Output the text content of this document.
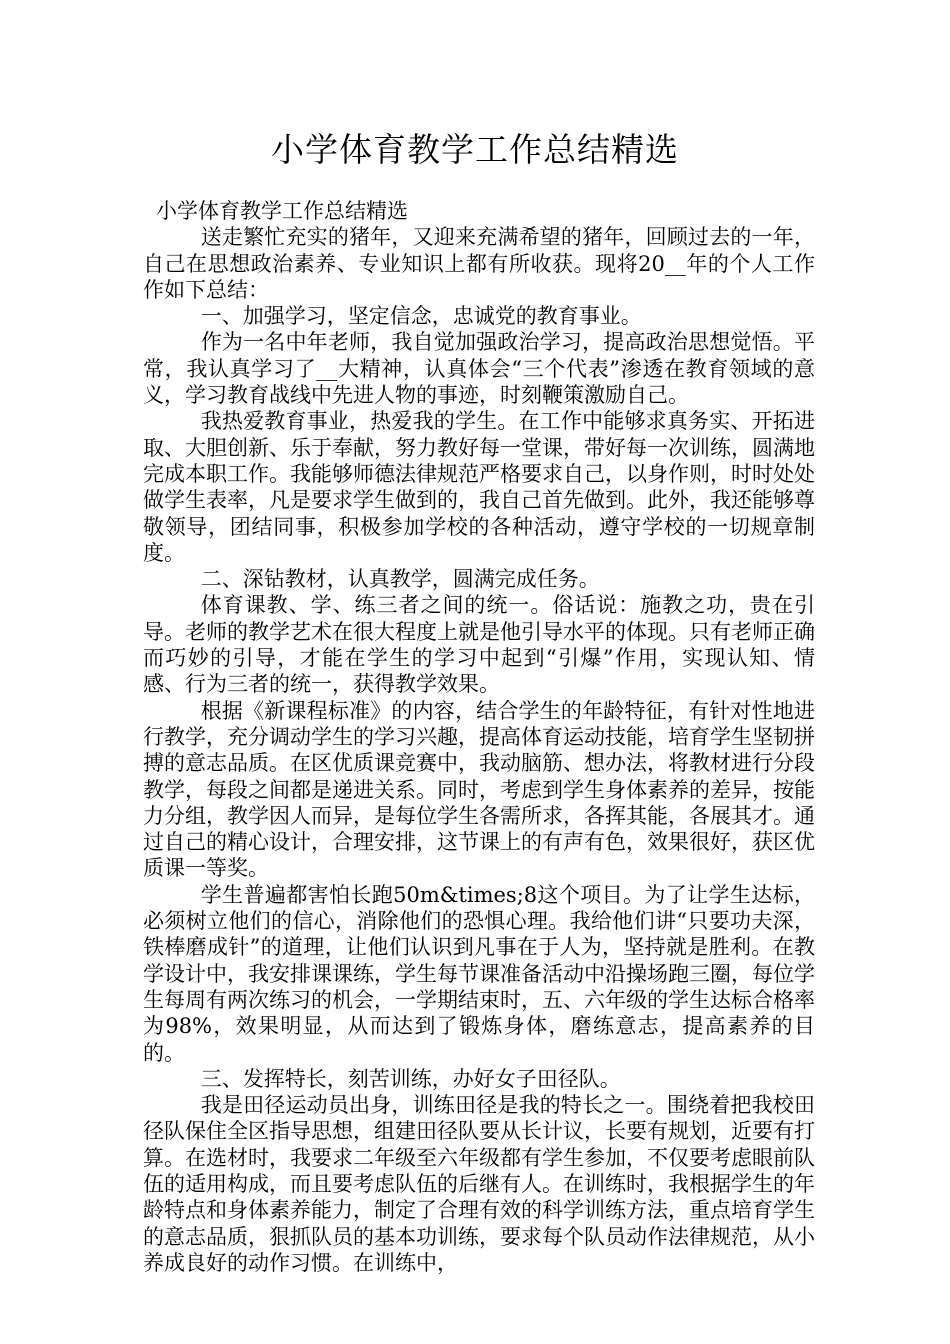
小学体育教学工作总结精选

小学体育教学工作总结精选

送走繁忙充实的猪年，又迎来充满希望的猪年，回顾过去的一年，自己在思想政治素养、专业知识上都有所收获。现将20__年的个人工作作如下总结：

一、加强学习，坚定信念，忠诚党的教育事业。

作为一名中年老师，我自觉加强政治学习，提高政治思想觉悟。平常，我认真学习了__大精神，认真体会“三个代表”渗透在教育领域的意义，学习教育战线中先进人物的事迹，时刻鞭策激励自己。

我热爱教育事业，热爱我的学生。在工作中能够求真务实、开拓进取、大胆创新、乐于奉献，努力教好每一堂课，带好每一次训练，圆满地完成本职工作。我能够师德法律规范严格要求自己，以身作则，时时处处做学生表率，凡是要求学生做到的，我自己首先做到。此外，我还能够尊敬领导，团结同事，积极参加学校的各种活动，遵守学校的一切规章制度。

二、深钻教材，认真教学，圆满完成任务。

体育课教、学、练三者之间的统一。俗话说：施教之功，贵在引导。老师的教学艺术在很大程度上就是他引导水平的体现。只有老师正确而巧妙的引导，才能在学生的学习中起到“引爆”作用，实现认知、情感、行为三者的统一，获得教学效果。

根据《新课程标准》的内容，结合学生的年龄特征，有针对性地进行教学，充分调动学生的学习兴趣，提高体育运动技能，培育学生坚韧拼搏的意志品质。在区优质课竞赛中，我动脑筋、想办法，将教材进行分段教学，每段之间都是递进关系。同时，考虑到学生身体素养的差异，按能力分组，教学因人而异，是每位学生各需所求，各挥其能，各展其才。通过自己的精心设计，合理安排，这节课上的有声有色，效果很好，获区优质课一等奖。

学生普遍都害怕长跑50m&times;8这个项目。为了让学生达标，必须树立他们的信心，消除他们的恐惧心理。我给他们讲“只要功夫深，铁棒磨成针”的道理，让他们认识到凡事在于人为，坚持就是胜利。在教学设计中，我安排课课练，学生每节课准备活动中沿操场跑三圈，每位学生每周有两次练习的机会，一学期结束时，五、六年级的学生达标合格率为98%，效果明显，从而达到了锻炼身体，磨练意志，提高素养的目的。

三、发挥特长，刻苦训练，办好女子田径队。

我是田径运动员出身，训练田径是我的特长之一。围绕着把我校田径队保住全区指导思想，组建田径队要从长计议，长要有规划，近要有打算。在选材时，我要求二年级至六年级都有学生参加，不仅要考虑眼前队伍的适用构成，而且要考虑队伍的后继有人。在训练时，我根据学生的年龄特点和身体素养能力，制定了合理有效的科学训练方法，重点培育学生的意志品质，狠抓队员的基本功训练，要求每个队员动作法律规范，从小养成良好的动作习惯。在训练中，
